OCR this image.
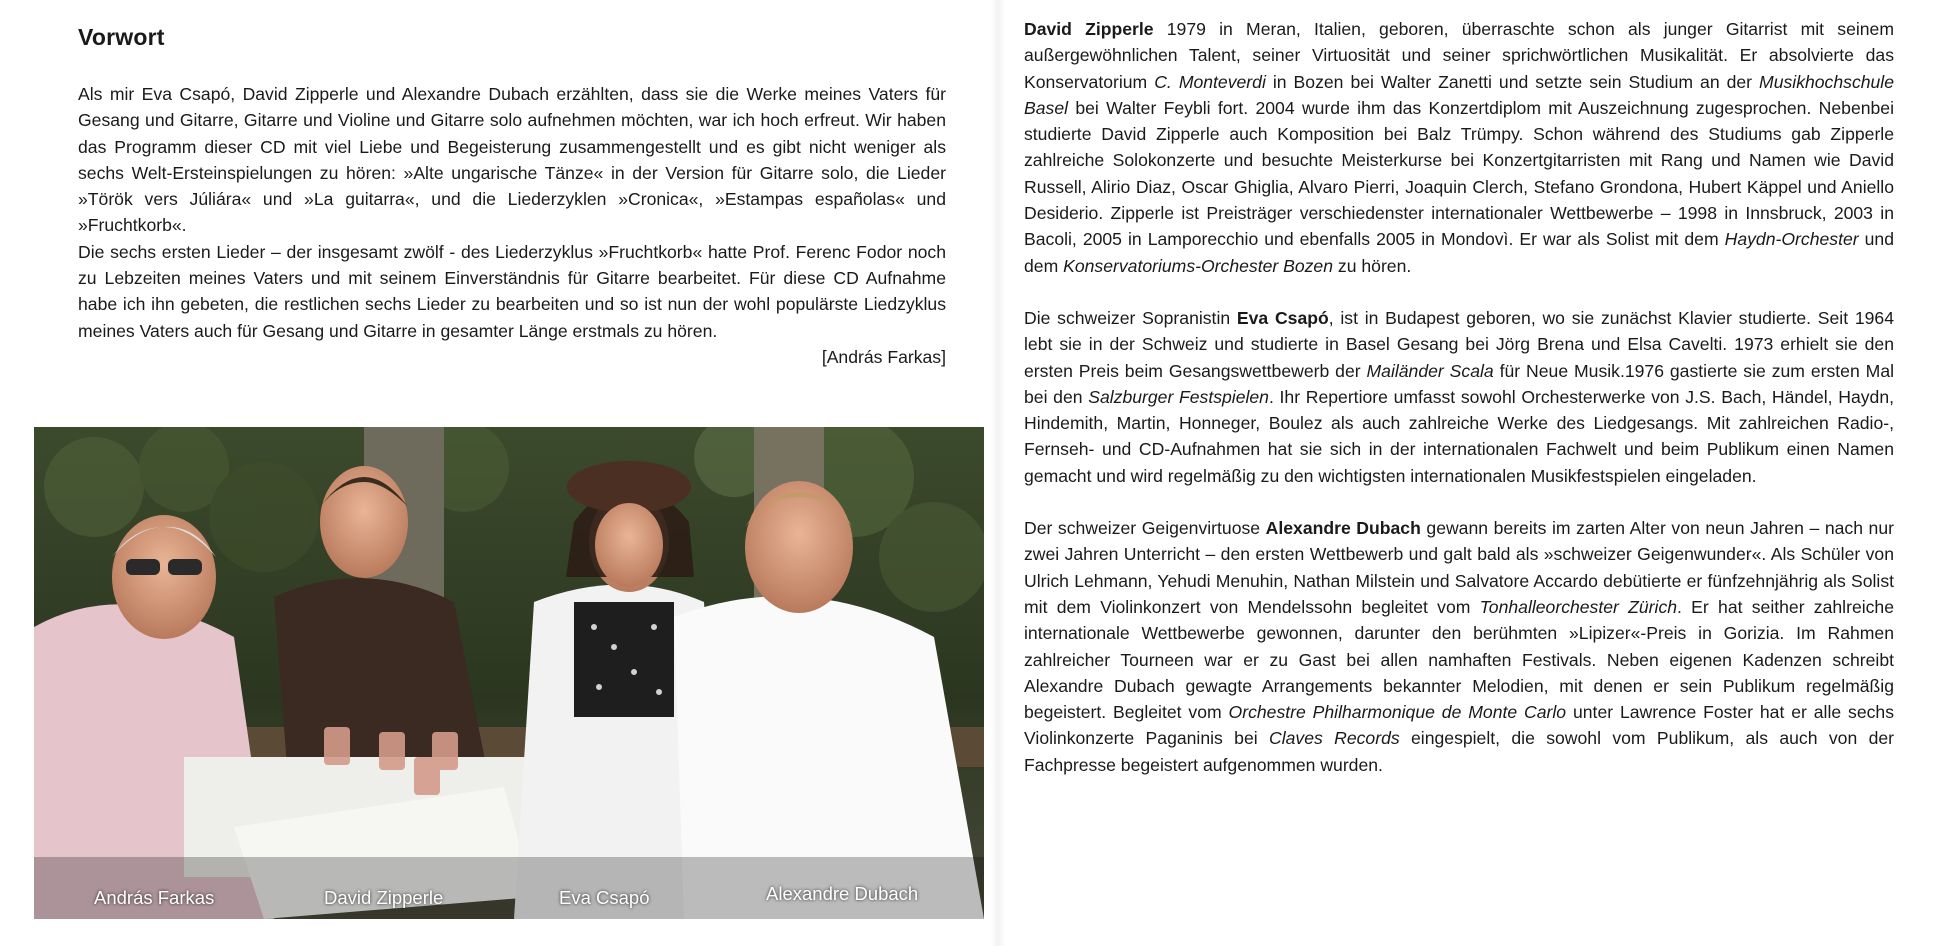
Vorwort

Als mir Eva Csapó, David Zipperle und Alexandre Dubach erzählten, dass sie die Werke meines Vaters für Gesang und Gitarre, Gitarre und Violine und Gitarre solo aufnehmen möchten, war ich hoch erfreut. Wir haben das Programm dieser CD mit viel Liebe und Begeisterung zusammengestellt und es gibt nicht weniger als sechs Welt-Ersteinspielungen zu hören: »Alte ungarische Tänze« in der Version für Gitarre solo, die Lieder »Török vers Júliára« und »La guitarra«, und die Liederzyklen »Cronica«, »Estampas españolas« und »Fruchtkorb«.

Die sechs ersten Lieder – der insgesamt zwölf - des Liederzyklus »Fruchtkorb« hatte Prof. Ferenc Fodor noch zu Lebzeiten meines Vaters und mit seinem Einverständnis für Gitarre bearbeitet. Für diese CD Aufnahme habe ich ihn gebeten, die restlichen sechs Lieder zu bearbeiten und so ist nun der wohl populärste Liedzyklus meines Vaters auch für Gesang und Gitarre in gesamter Länge erstmals zu hören.

[András Farkas]

András Farkas	David Zipperle	Eva Csapó	Alexandre Dubach

David Zipperle 1979 in Meran, Italien, geboren, überraschte schon als junger Gitarrist mit seinem außergewöhnlichen Talent, seiner Virtuosität und seiner sprichwörtlichen Musikalität. Er absolvierte das Konservatorium C. Monteverdi in Bozen bei Walter Zanetti und setzte sein Studium an der Musikhochschule Basel bei Walter Feybli fort. 2004 wurde ihm das Konzertdiplom mit Auszeichnung zugesprochen. Nebenbei studierte David Zipperle auch Komposition bei Balz Trümpy. Schon während des Studiums gab Zipperle zahlreiche Solokonzerte und besuchte Meisterkurse bei Konzertgitarristen mit Rang und Namen wie David Russell, Alirio Diaz, Oscar Ghiglia, Alvaro Pierri, Joaquin Clerch, Stefano Grondona, Hubert Käppel und Aniello Desiderio. Zipperle ist Preisträger verschiedenster internationaler Wettbewerbe – 1998 in Innsbruck, 2003 in Bacoli, 2005 in Lamporecchio und ebenfalls 2005 in Mondovì. Er war als Solist mit dem Haydn-Orchester und dem Konservatoriums-Orchester Bozen zu hören.

Die schweizer Sopranistin Eva Csapó, ist in Budapest geboren, wo sie zunächst Klavier studierte. Seit 1964 lebt sie in der Schweiz und studierte in Basel Gesang bei Jörg Brena und Elsa Cavelti. 1973 erhielt sie den ersten Preis beim Gesangswettbewerb der Mailänder Scala für Neue Musik.1976 gastierte sie zum ersten Mal bei den Salzburger Festspielen. Ihr Repertiore umfasst sowohl Orchesterwerke von J.S. Bach, Händel, Haydn, Hindemith, Martin, Honneger, Boulez als auch zahlreiche Werke des Liedgesangs. Mit zahlreichen Radio-, Fernseh- und CD-Aufnahmen hat sie sich in der internationalen Fachwelt und beim Publikum einen Namen gemacht und wird regelmäßig zu den wichtigsten internationalen Musikfestspielen eingeladen.

Der schweizer Geigenvirtuose Alexandre Dubach gewann bereits im zarten Alter von neun Jahren – nach nur zwei Jahren Unterricht – den ersten Wettbewerb und galt bald als »schweizer Geigenwunder«. Als Schüler von Ulrich Lehmann, Yehudi Menuhin, Nathan Milstein und Salvatore Accardo debütierte er fünfzehnjährig als Solist mit dem Violinkonzert von Mendelssohn begleitet vom Tonhalleorchester Zürich. Er hat seither zahlreiche internationale Wettbewerbe gewonnen, darunter den berühmten »Lipizer«-Preis in Gorizia. Im Rahmen zahlreicher Tourneen war er zu Gast bei allen namhaften Festivals. Neben eigenen Kadenzen schreibt Alexandre Dubach gewagte Arrangements bekannter Melodien, mit denen er sein Publikum regelmäßig begeistert. Begleitet vom Orchestre Philharmonique de Monte Carlo unter Lawrence Foster hat er alle sechs Violinkonzerte Paganinis bei Claves Records eingespielt, die sowohl vom Publikum, als auch von der Fachpresse begeistert aufgenommen wurden.
